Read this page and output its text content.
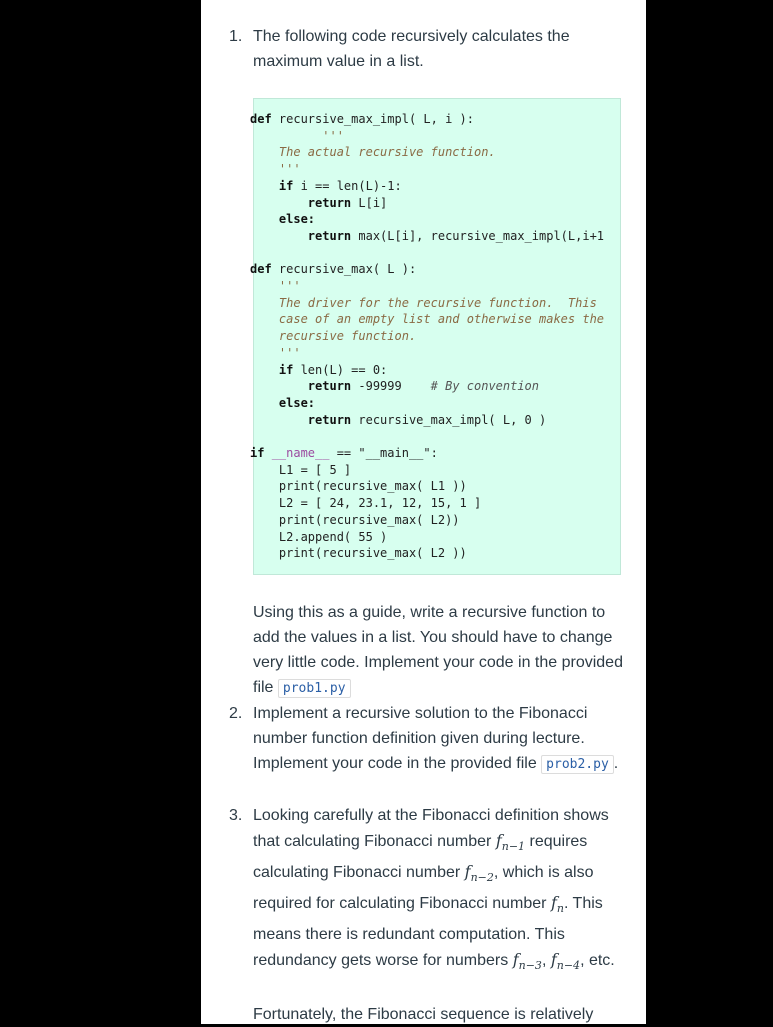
1. The following code recursively calculates the maximum value in a list.

def recursive_max_impl( L, i ):
'''
The actual recursive function.
'''
if i == len(L)-1:
return L[i]
else:
return max(L[i], recursive_max_impl(L,i+1

def recursive_max( L ):
'''
The driver for the recursive function.  This
case of an empty list and otherwise makes the
recursive function.
'''
if len(L) == 0:
return -99999 # By convention
else:
return recursive_max_impl( L, 0 )

if __name__ == "__main__":
L1 = [ 5 ]
print(recursive_max( L1 ))
L2 = [ 24, 23.1, 12, 15, 1 ]
print(recursive_max( L2))
L2.append( 55 )
print(recursive_max( L2 ))

Using this as a guide, write a recursive function to add the values in a list. You should have to change very little code. Implement your code in the provided file prob1.py

2. Implement a recursive solution to the Fibonacci number function definition given during lecture. Implement your code in the provided file prob2.py .

3. Looking carefully at the Fibonacci definition shows that calculating Fibonacci number $f_{n-1}$ requires calculating Fibonacci number $f_{n-2}$, which is also required for calculating Fibonacci number $f_n$. This means there is redundant computation. This redundancy gets worse for numbers $f_{n-3}$, $f_{n-4}$, etc.

Fortunately, the Fibonacci sequence is relatively
